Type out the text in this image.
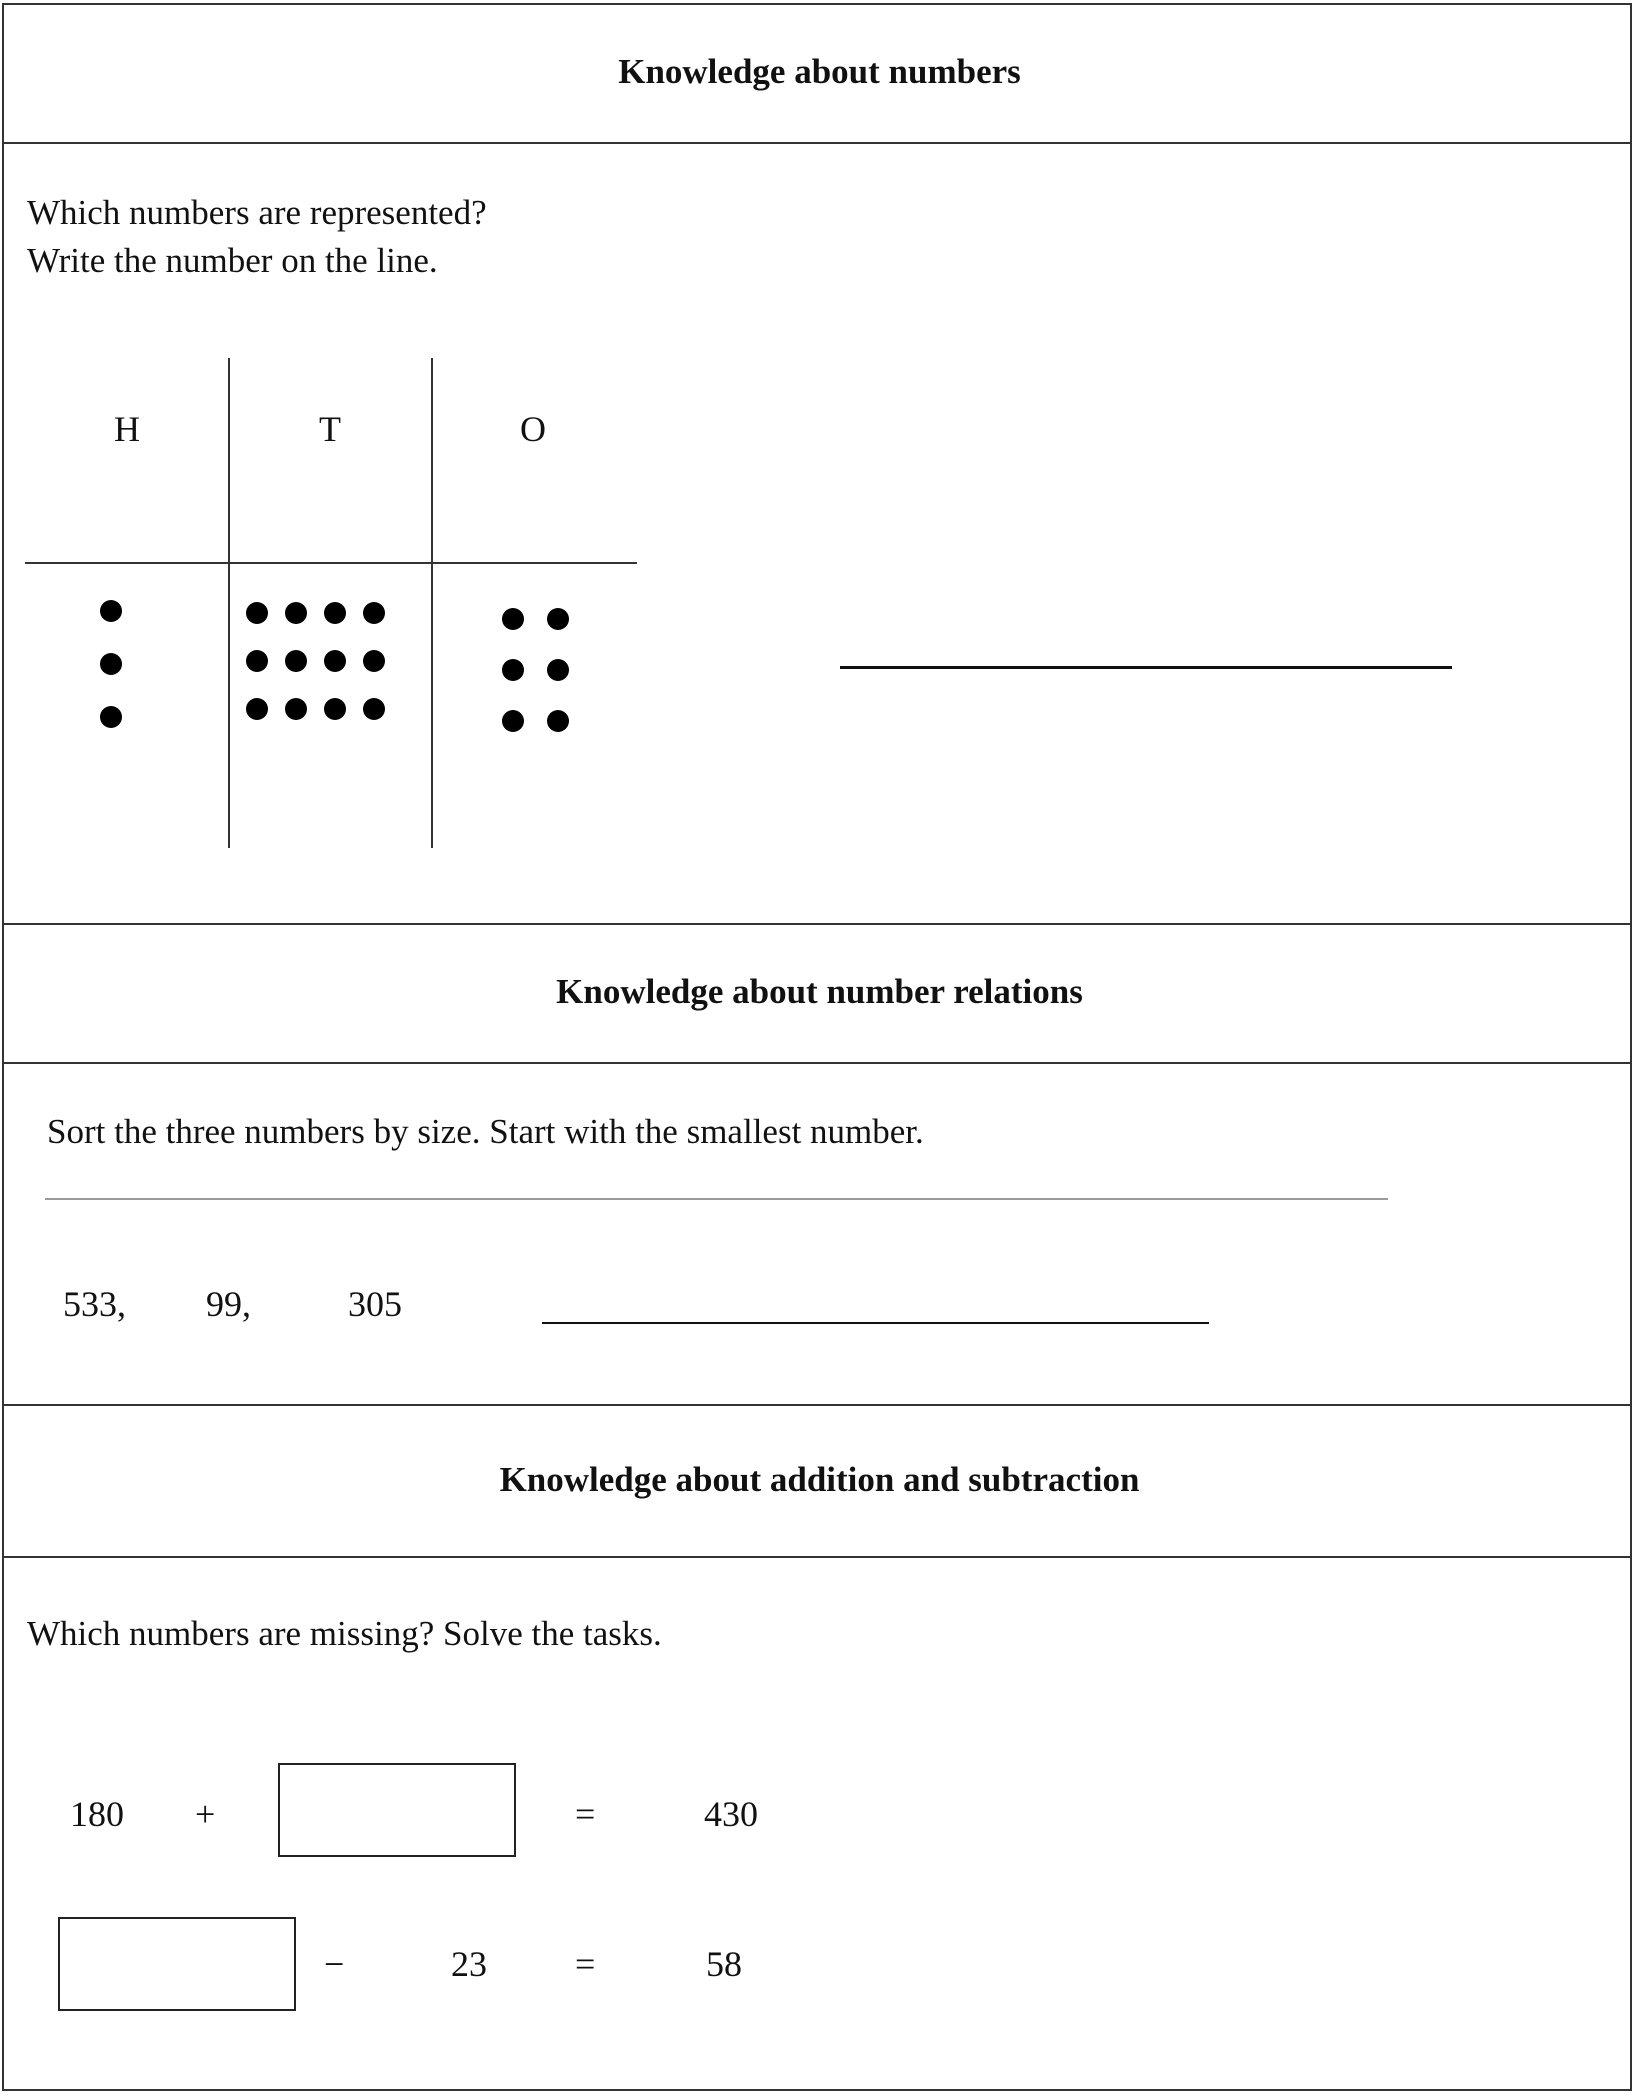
Knowledge about numbers
Which numbers are represented?
Write the number on the line.
H	T	O
Knowledge about number relations
Sort the three numbers by size. Start with the smallest number.
533, 99,	305
Knowledge about addition and subtraction
Which numbers are missing? Solve the tasks.
180 +	=	430
−	23 =	58
